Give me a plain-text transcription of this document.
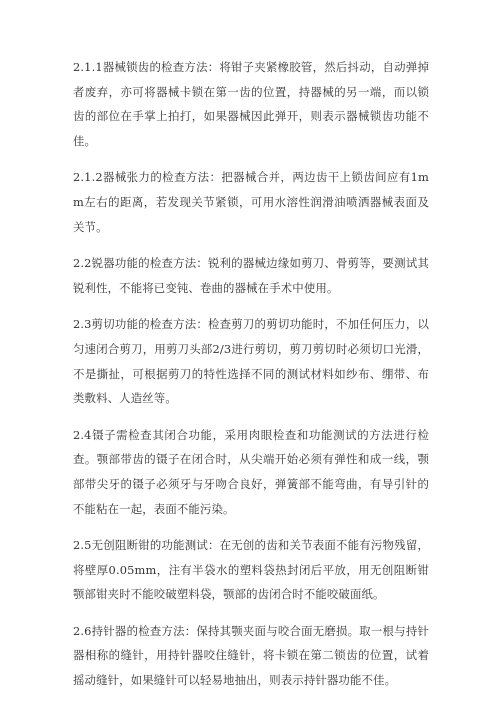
2.1.1器械锁齿的检查方法：将钳子夹紧橡胶管，然后抖动，自动弹掉者废弃，亦可将器械卡锁在第一齿的位置，持器械的另一端，而以锁齿的部位在手掌上拍打，如果器械因此弹开，则表示器械锁齿功能不佳。

2.1.2器械张力的检查方法：把器械合并，两边齿干上锁齿间应有1mm左右的距离，若发现关节紧锁，可用水溶性润滑油喷洒器械表面及关节。

2.2锐器功能的检查方法：锐利的器械边缘如剪刀、骨剪等，要测试其锐利性，不能将已变钝、卷曲的器械在手术中使用。

2.3剪切功能的检查方法：检查剪刀的剪切功能时，不加任何压力，以匀速闭合剪刀，用剪刀头部2/3进行剪切，剪刀剪切时必须切口光滑，不是撕扯，可根据剪刀的特性选择不同的测试材料如纱布、绷带、布类敷料、人造丝等。

2.4镊子需检查其闭合功能，采用肉眼检查和功能测试的方法进行检查。颚部带齿的镊子在闭合时，从尖端开始必须有弹性和成一线，颚部带尖牙的镊子必须牙与牙吻合良好，弹簧部不能弯曲，有导引针的不能粘在一起，表面不能污染。

2.5无创阻断钳的功能测试：在无创的齿和关节表面不能有污物残留，将壁厚0.05mm，注有半袋水的塑料袋热封闭后平放，用无创阻断钳颚部钳夹时不能咬破塑料袋，颚部的齿闭合时不能咬破面纸。

2.6持针器的检查方法：保持其颚夹面与咬合面无磨损。取一根与持针器相称的缝针，用持针器咬住缝针，将卡锁在第二锁齿的位置，试着摇动缝针，如果缝针可以轻易地抽出，则表示持针器功能不佳。
